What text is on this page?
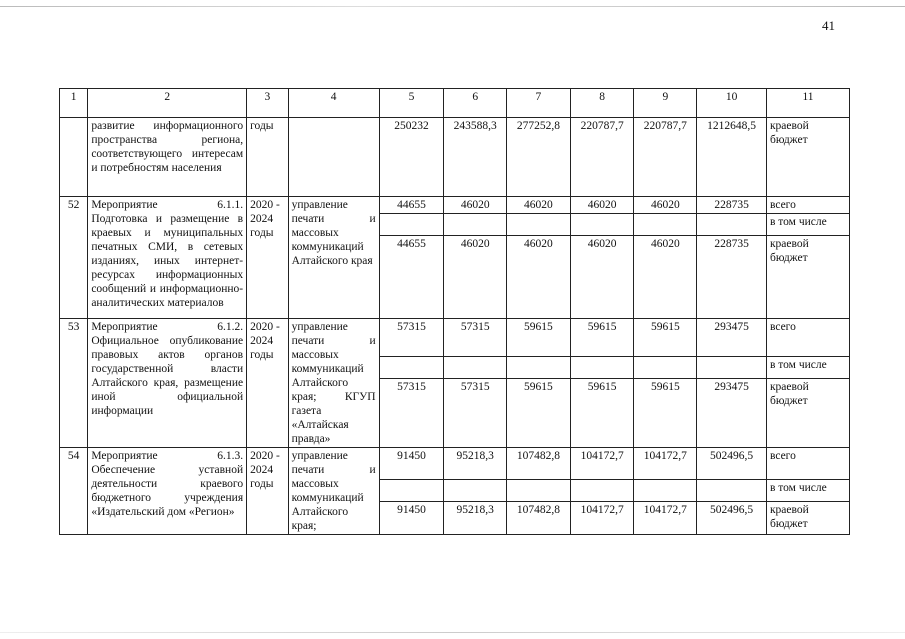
41
1	2	3	4	5	6	7	8	9	10	11
	развитие информационного пространства региона, соответствующего интересам и потребностям населения	годы		250232	243588,3	277252,8	220787,7	220787,7	1212648,5	краевой бюджет
52	Мероприятие 6.1.1. Подготовка и размещение в краевых и муниципальных печатных СМИ, в сетевых изданиях, иных интернет-ресурсах информационных сообщений и информационно-аналитических материалов	2020 - 2024 годы	управление печати и массовых коммуникаций Алтайского края	44655	46020	46020	46020	46020	228735	всего
										в том числе
				44655	46020	46020	46020	46020	228735	краевой бюджет
53	Мероприятие 6.1.2. Официальное опубликование правовых актов органов государственной власти Алтайского края, размещение иной официальной информации	2020 - 2024 годы	управление печати и массовых коммуникаций Алтайского края; КГУП газета «Алтайская правда»	57315	57315	59615	59615	59615	293475	всего
										в том числе
				57315	57315	59615	59615	59615	293475	краевой бюджет
54	Мероприятие 6.1.3. Обеспечение уставной деятельности краевого бюджетного учреждения «Издательский дом «Регион»	2020 - 2024 годы	управление печати и массовых коммуникаций Алтайского края;	91450	95218,3	107482,8	104172,7	104172,7	502496,5	всего
										в том числе
				91450	95218,3	107482,8	104172,7	104172,7	502496,5	краевой бюджет
